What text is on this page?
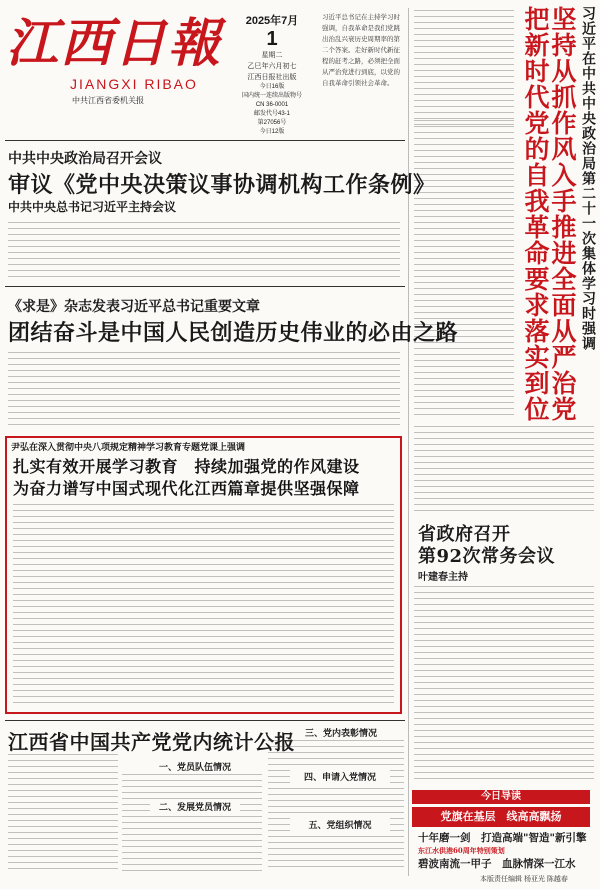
江西日報
JIANGXI RIBAO
中共江西省委机关报
2025年7月
1
星期二
乙巳年六月初七
江西日报社出版
今日16版
国内统一连续出版物号
CN 36-0001
邮发代号43-1
第27056号
今日12版
习近平总书记在主持学习时强调，自我革命是我们党跳出治乱兴衰历史周期率的第二个答案。走好新时代新征程的赶考之路，必须把全面从严治党进行到底，以党的自我革命引领社会革命。	习近平在中共中央政治局第二十一次集体学习时强调
坚持从抓作风入手推进全面从严治党 把新时代党的自我革命要求落实到位
中共中央政治局召开会议
审议《党中央决策议事协调机构工作条例》
中共中央总书记习近平主持会议
《求是》杂志发表习近平总书记重要文章
团结奋斗是中国人民创造历史伟业的必由之路
尹弘在深入贯彻中央八项规定精神学习教育专题党课上强调
扎实有效开展学习教育　持续加强党的作风建设
为奋力谱写中国式现代化江西篇章提供坚强保障
省政府召开
第92次常务会议
叶建春主持
江西省中国共产党党内统计公报
一、党员队伍情况
三、党内表彰情况
二、发展党员情况
四、申请入党情况
五、党组织情况
今日导读
党旗在基层　线高高飘扬
十年磨一剑　打造高端"智造"新引擎
东江水供港60周年特别策划
碧波南流一甲子　血脉情深一江水
本版责任编辑 杨亚光 陈越春
